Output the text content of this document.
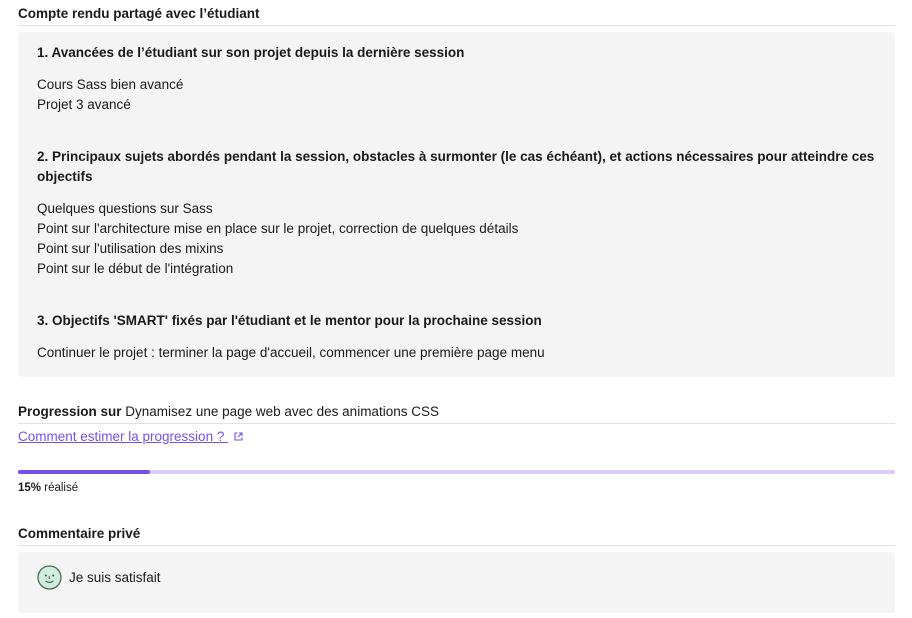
Compte rendu partagé avec l’étudiant
1. Avancées de l’étudiant sur son projet depuis la dernière session
Cours Sass bien avancé
Projet 3 avancé
2. Principaux sujets abordés pendant la session, obstacles à surmonter (le cas échéant), et actions nécessaires pour atteindre ces objectifs
Quelques questions sur Sass
Point sur l'architecture mise en place sur le projet, correction de quelques détails
Point sur l'utilisation des mixins
Point sur le début de l'intégration
3. Objectifs 'SMART' fixés par l'étudiant et le mentor pour la prochaine session
Continuer le projet : terminer la page d'accueil, commencer une première page menu
Progression sur Dynamisez une page web avec des animations CSS
Comment estimer la progression ?
15% réalisé
Commentaire privé
Je suis satisfait
